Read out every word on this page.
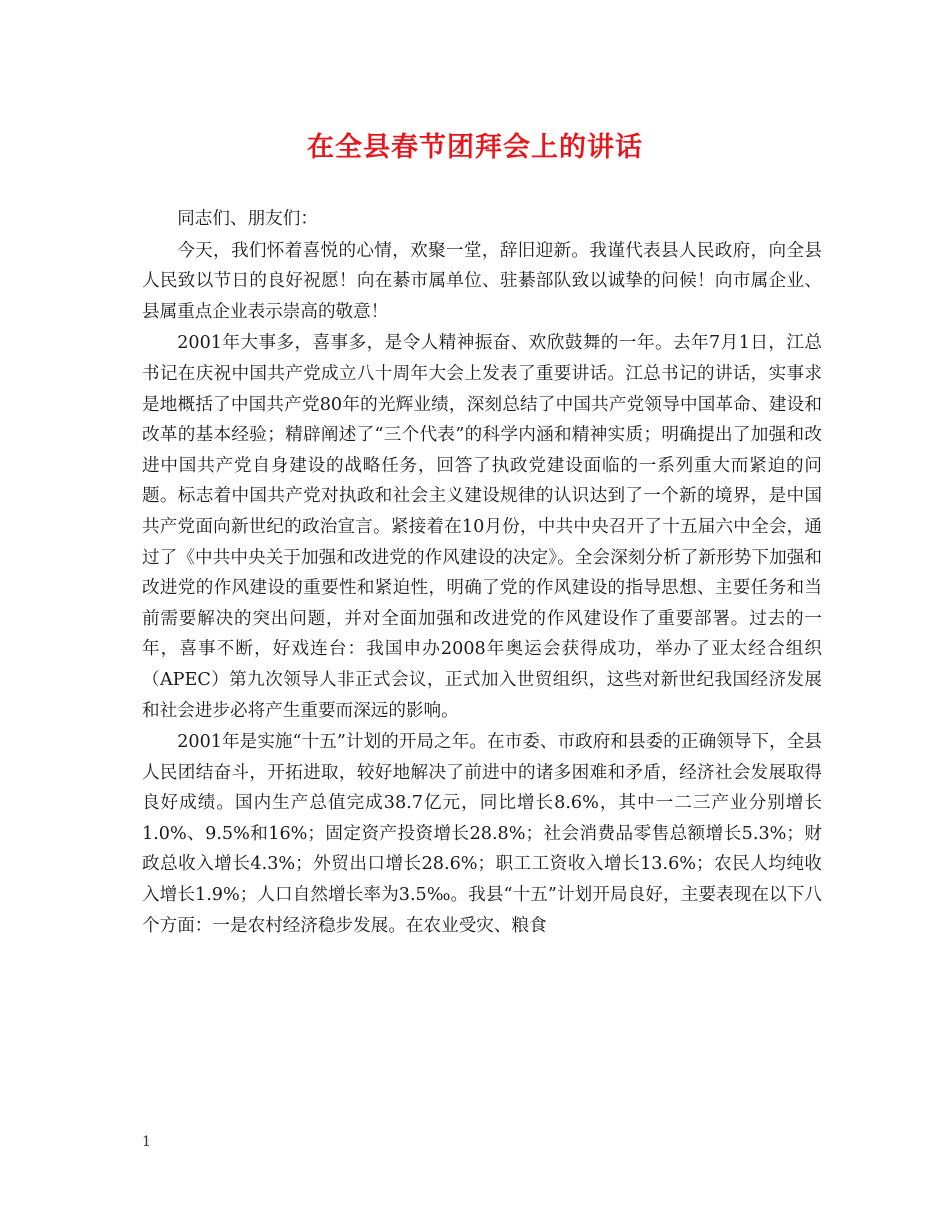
在全县春节团拜会上的讲话

同志们、朋友们：

今天，我们怀着喜悦的心情，欢聚一堂，辞旧迎新。我谨代表县人民政府，向全县人民致以节日的良好祝愿！向在綦市属单位、驻綦部队致以诚挚的问候！向市属企业、县属重点企业表示崇高的敬意！

2001年大事多，喜事多，是令人精神振奋、欢欣鼓舞的一年。去年7月1日，江总书记在庆祝中国共产党成立八十周年大会上发表了重要讲话。江总书记的讲话，实事求是地概括了中国共产党80年的光辉业绩，深刻总结了中国共产党领导中国革命、建设和改革的基本经验；精辟阐述了“三个代表”的科学内涵和精神实质；明确提出了加强和改进中国共产党自身建设的战略任务，回答了执政党建设面临的一系列重大而紧迫的问题。标志着中国共产党对执政和社会主义建设规律的认识达到了一个新的境界，是中国共产党面向新世纪的政治宣言。紧接着在10月份，中共中央召开了十五届六中全会，通过了《中共中央关于加强和改进党的作风建设的决定》。全会深刻分析了新形势下加强和改进党的作风建设的重要性和紧迫性，明确了党的作风建设的指导思想、主要任务和当前需要解决的突出问题，并对全面加强和改进党的作风建设作了重要部署。过去的一年，喜事不断，好戏连台：我国申办2008年奥运会获得成功，举办了亚太经合组织（APEC）第九次领导人非正式会议，正式加入世贸组织，这些对新世纪我国经济发展和社会进步必将产生重要而深远的影响。

2001年是实施“十五”计划的开局之年。在市委、市政府和县委的正确领导下，全县人民团结奋斗，开拓进取，较好地解决了前进中的诸多困难和矛盾，经济社会发展取得良好成绩。国内生产总值完成38.7亿元，同比增长8.6%，其中一二三产业分别增长1.0%、9.5%和16%；固定资产投资增长28.8%；社会消费品零售总额增长5.3%；财政总收入增长4.3%；外贸出口增长28.6%；职工工资收入增长13.6%；农民人均纯收入增长1.9%；人口自然增长率为3.5‰。我县“十五”计划开局良好，主要表现在以下八个方面：一是农村经济稳步发展。在农业受灾、粮食

1
